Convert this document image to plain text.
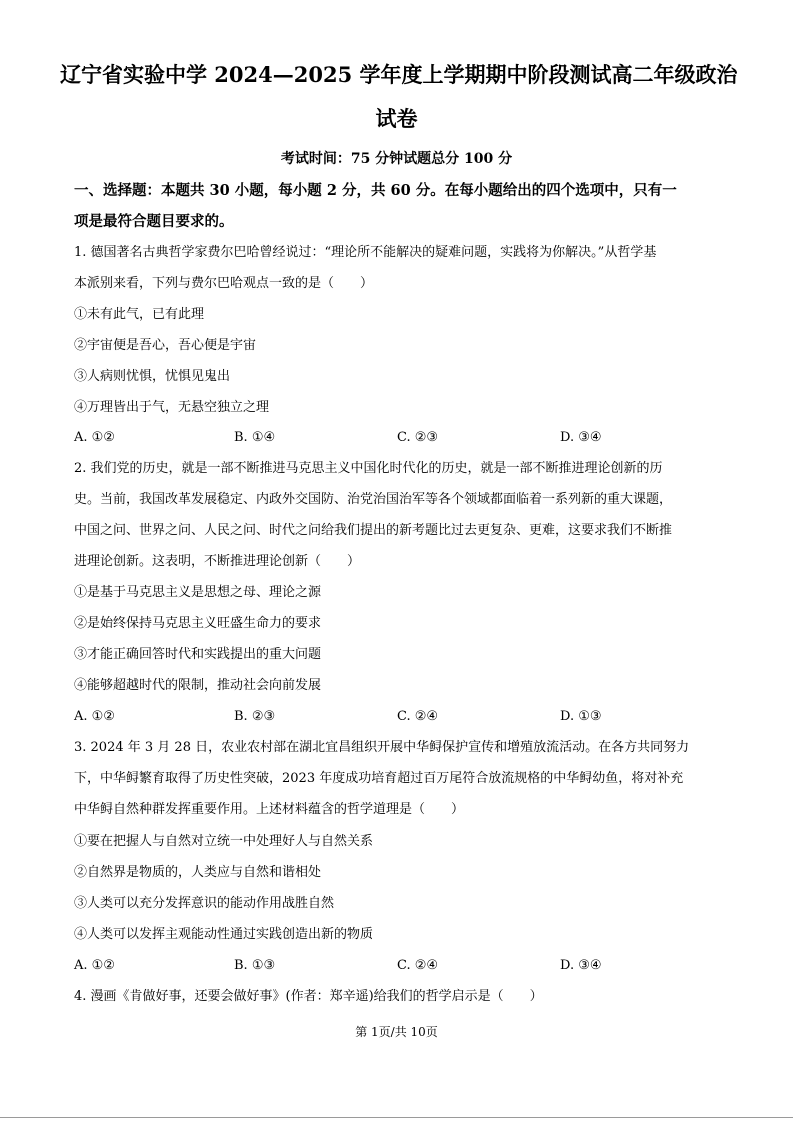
辽宁省实验中学 2024—2025 学年度上学期期中阶段测试高二年级政治
试卷
考试时间：75 分钟试题总分 100 分
一、选择题：本题共 30 小题，每小题 2 分，共 60 分。在每小题给出的四个选项中，只有一
项是最符合题目要求的。
1. 德国著名古典哲学家费尔巴哈曾经说过：“理论所不能解决的疑难问题，实践将为你解决。”从哲学基
本派别来看，下列与费尔巴哈观点一致的是（　　）
①未有此气，已有此理
②宇宙便是吾心，吾心便是宇宙
③人病则忧惧，忧惧见鬼出
④万理皆出于气，无悬空独立之理
A. ①②	B. ①④	C. ②③	D. ③④
2. 我们党的历史，就是一部不断推进马克思主义中国化时代化的历史，就是一部不断推进理论创新的历
史。当前，我国改革发展稳定、内政外交国防、治党治国治军等各个领域都面临着一系列新的重大课题，
中国之问、世界之问、人民之问、时代之问给我们提出的新考题比过去更复杂、更难，这要求我们不断推
进理论创新。这表明，不断推进理论创新（　　）
①是基于马克思主义是思想之母、理论之源
②是始终保持马克思主义旺盛生命力的要求
③才能正确回答时代和实践提出的重大问题
④能够超越时代的限制，推动社会向前发展
A. ①②	B. ②③	C. ②④	D. ①③
3. 2024 年 3 月 28 日，农业农村部在湖北宜昌组织开展中华鲟保护宣传和增殖放流活动。在各方共同努力
下，中华鲟繁育取得了历史性突破，2023 年度成功培育超过百万尾符合放流规格的中华鲟幼鱼，将对补充
中华鲟自然种群发挥重要作用。上述材料蕴含的哲学道理是（　　）
①要在把握人与自然对立统一中处理好人与自然关系
②自然界是物质的，人类应与自然和谐相处
③人类可以充分发挥意识的能动作用战胜自然
④人类可以发挥主观能动性通过实践创造出新的物质
A. ①②	B. ①③	C. ②④	D. ③④
4. 漫画《肯做好事，还要会做好事》(作者：郑辛遥)给我们的哲学启示是（　　）
第 1页/共 10页
